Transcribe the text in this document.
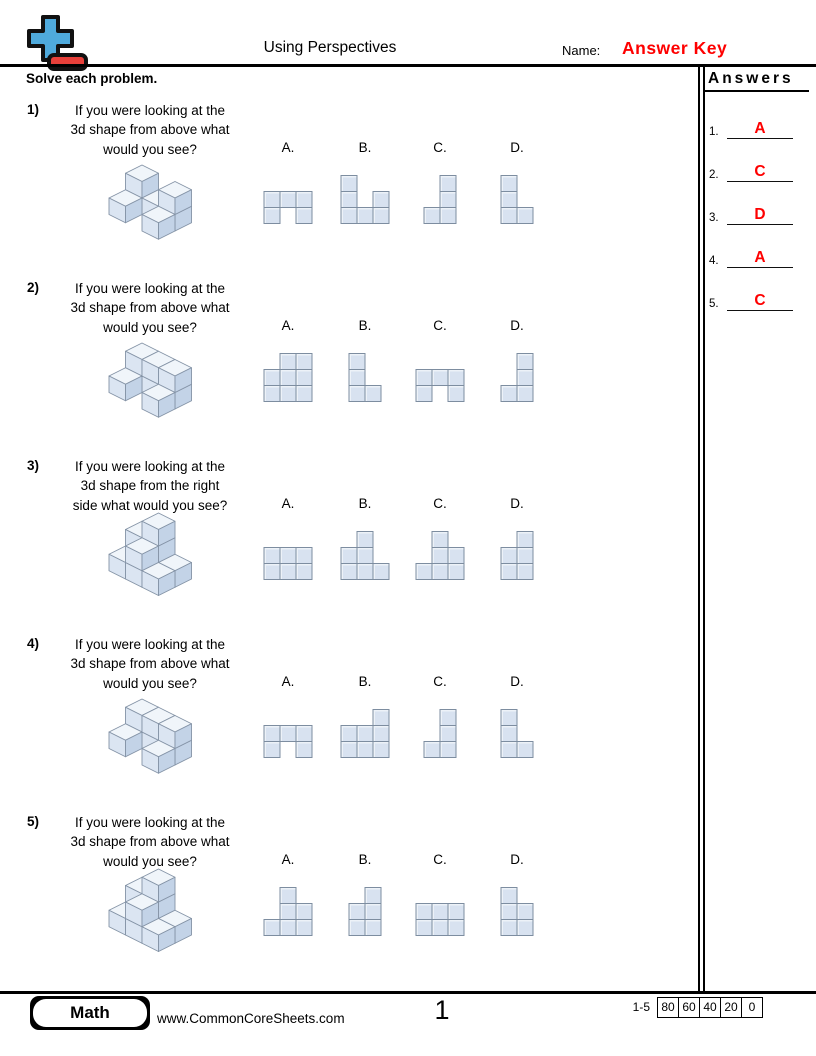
Using Perspectives	Name: Answer Key
Solve each problem.	Answers
1.	A
2.	C
3.	D
4.	A
5.	C
1)	If you were looking at the
3d shape from above what
would you see?	A.	B.	C.	D.
2)	If you were looking at the
3d shape from above what
would you see?	A.	B.	C.	D.
3)	If you were looking at the
3d shape from the right
side what would you see?	A.	B.	C.	D.
4)	If you were looking at the
3d shape from above what
would you see?	A.	B.	C.	D.
5)	If you were looking at the
3d shape from above what
would you see?	A.	B.	C.	D.
Math	www.CommonCoreSheets.com	1	1-5 80 60 40 20 0
